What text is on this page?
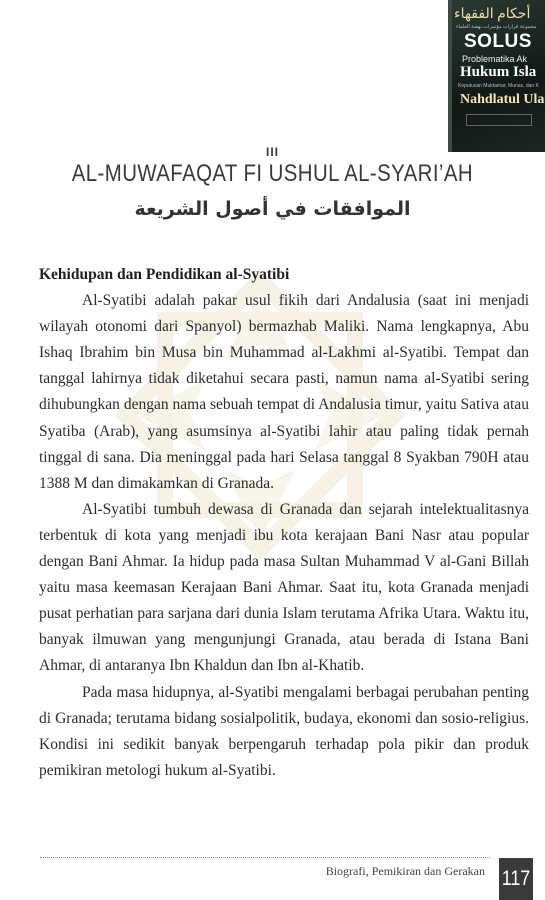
أحكام الفقهاء
مجموعة قرارات مؤتمرات نهضة العلماء
SOLUS
Problematika Ak
Hukum Isla
Keputusan Muktamar, Munas, dan K
Nahdlatul Ula
III
AL-MUWAFAQAT FI USHUL AL-SYARI’AH
الموافقات في أصول الشريعة

Kehidupan dan Pendidikan al-Syatibi

Al-Syatibi adalah pakar usul fikih dari Andalusia (saat ini menjadi wilayah otonomi dari Spanyol) bermazhab Maliki. Nama lengkapnya, Abu Ishaq Ibrahim bin Musa bin Muhammad al-Lakhmi al-Syatibi. Tempat dan tanggal lahirnya tidak diketahui secara pasti, namun nama al-Syatibi sering dihubungkan dengan nama sebuah tempat di Andalusia timur, yaitu Sativa atau Syatiba (Arab), yang asumsinya al-Syatibi lahir atau paling tidak pernah tinggal di sana. Dia meninggal pada hari Selasa tanggal 8 Syakban 790H atau 1388 M dan dimakamkan di Granada.

Al-Syatibi tumbuh dewasa di Granada dan sejarah intelektualitasnya terbentuk di kota yang menjadi ibu kota kerajaan Bani Nasr atau popular dengan Bani Ahmar. Ia hidup pada masa Sultan Muhammad V al-Gani Billah yaitu masa keemasan Kerajaan Bani Ahmar. Saat itu, kota Granada menjadi pusat perhatian para sarjana dari dunia Islam terutama Afrika Utara. Waktu itu, banyak ilmuwan yang mengunjungi Granada, atau berada di Istana Bani Ahmar, di antaranya Ibn Khaldun dan Ibn al-Khatib.

Pada masa hidupnya, al-Syatibi mengalami berbagai perubahan penting di Granada; terutama bidang sosialpolitik, budaya, ekonomi dan sosio-religius. Kondisi ini sedikit banyak berpengaruh terhadap pola pikir dan produk pemikiran metologi hukum al-Syatibi.

Biografi, Pemikiran dan Gerakan 117
